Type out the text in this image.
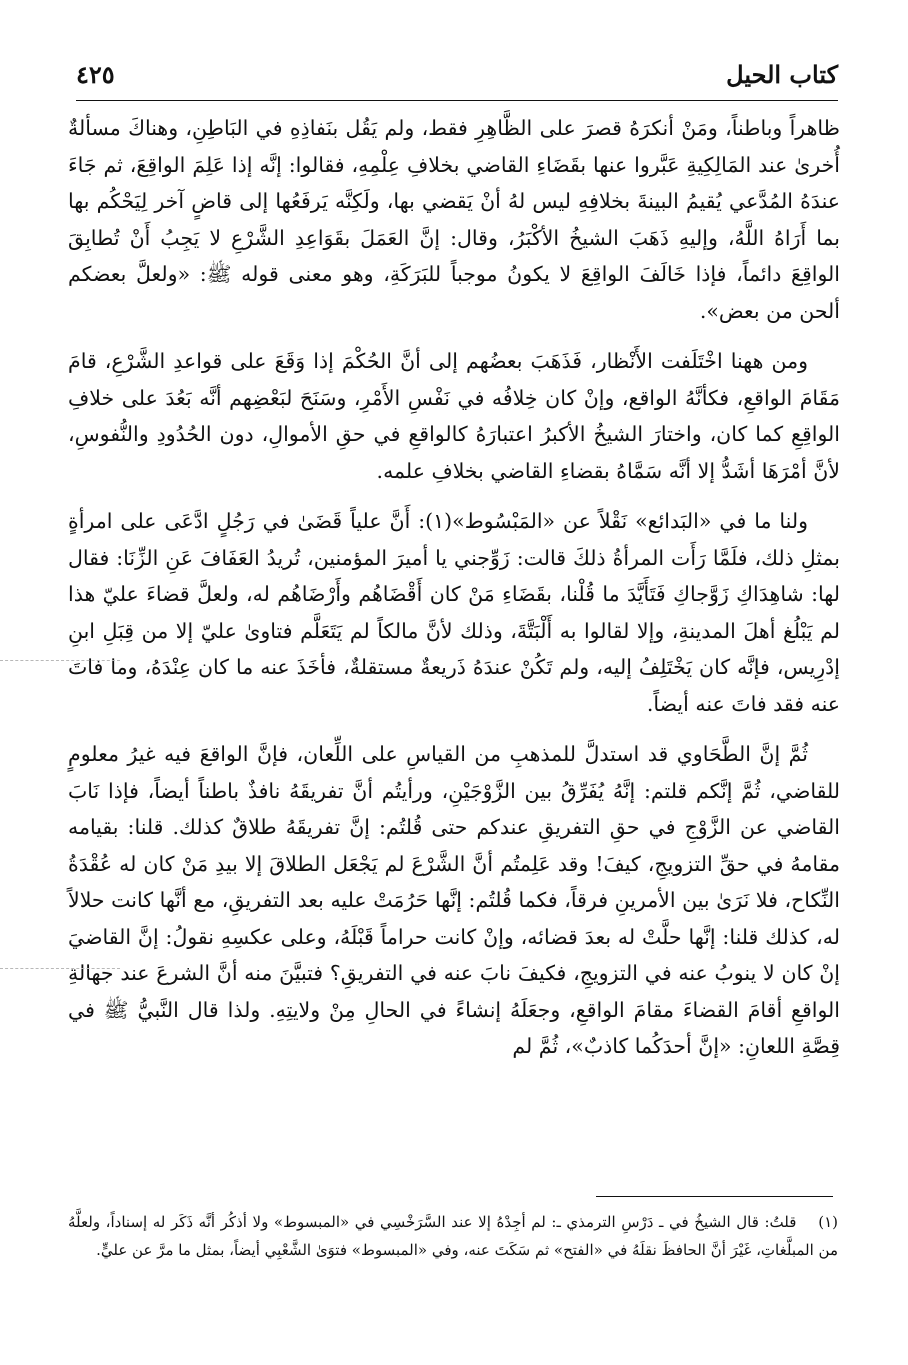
كتاب الحيل
٤٢٥

ظاهراً وباطناً، ومَنْ أنكرَهُ قصرَ على الظَّاهِرِ فقط، ولم يَقُل بنَفاذِهِ في البَاطِنِ، وهناكَ مسألةٌ أُخرىٰ عند المَالِكِيةِ عَبَّروا عنها بقَضَاءِ القاضي بخلافِ عِلْمِهِ، فقالوا: إنَّه إذا عَلِمَ الواقِعَ، ثم جَاءَ عندَهُ المُدَّعي يُقيمُ البينةَ بخلافِهِ ليس لهُ أنْ يَقضي بها، ولَكِنَّه يَرفَعُها إلى قاضٍ آخر لِيَحْكُم بها بما أَرَاهُ اللَّهُ، وإليهِ ذَهَبَ الشيخُ الأكْبَرُ، وقال: إنَّ العَمَلَ بقَوَاعِدِ الشَّرْعِ لا يَجِبُ أَنْ تُطابِقَ الواقِعَ دائماً، فإذا خَالَفَ الواقِعَ لا يكونُ موجباً للبَرَكَةِ، وهو معنى قوله ﷺ: «ولعلَّ بعضكم ألحن من بعض».

ومن ههنا اخْتَلَفت الأَنْظار، فَذَهَبَ بعضُهم إلى أنَّ الحُكْمَ إذا وَقَعَ على قواعدِ الشَّرْعِ، قامَ مَقَامَ الواقعِ، فكأنَّهُ الواقع، وإنْ كان خِلافُه في نَفْسِ الأَمْرِ، وسَنَحَ لبَعْضِهم أنَّه بَعُدَ على خلافِ الواقِعِ كما كان، واختارَ الشيخُ الأكبرُ اعتبارَهُ كالواقعِ في حقِ الأموالِ، دون الحُدُودِ والنُّفوسِ، لأنَّ أمْرَهَا أشَدُّ إلا أنَّه سَمَّاهُ بقضاءِ القاضي بخلافِ علمه.

ولنا ما في «البَدائع» نَقْلاً عن «المَبْسُوط»(١): أَنَّ علياً قَضَىٰ في رَجُلٍ ادَّعَى على امرأةٍ بمثلِ ذلك، فلَمَّا رَأَت المرأةُ ذلكَ قالت: زَوِّجني يا أميرَ المؤمنين، تُريدُ العَفَافَ عَنِ الزِّنَا: فقال لها: شاهِدَاكِ زَوَّجاكِ فَتَأَيَّدَ ما قُلْنا، بقَضَاءِ مَنْ كان أَقْضَاهُم وأَرْضَاهُم له، ولعلَّ قضاءَ عليّ هذا لم يَبْلُغ أهلَ المدينةِ، وإلا لقالوا به أَلْبَتَّةَ، وذلك لأنَّ مالكاً لم يَتَعَلَّم فتاوىٰ عليّ إلا من قِبَلِ ابنِ إدْرِيس، فإنَّه كان يَخْتَلِفُ إليه، ولم تَكُنْ عندَهُ ذَريعةٌ مستقلةٌ، فأخَذَ عنه ما كان عِنْدَهُ، وما فاتَ عنه فقد فاتَ عنه أيضاً.

ثُمَّ إنَّ الطَّحَاوي قد استدلَّ للمذهبِ من القياسِ على اللِّعان، فإنَّ الواقعَ فيه غيرُ معلومٍ للقاضي، ثُمَّ إنَّكم قلتم: إنَّهُ يُفَرِّقُ بين الزَّوْجَيْنِ، ورأيتُم أنَّ تفريقَهُ نافذٌ باطناً أيضاً، فإذا نَابَ القاضي عن الزَّوْجِ في حقِ التفريقِ عندكم حتى قُلتُم: إنَّ تفريقَهُ طلاقٌ كذلك. قلنا: بقيامه مقامهُ في حقِّ التزويجِ، كيفَ! وقد عَلِمتُم أنَّ الشَّرْعَ لم يَجْعَل الطلاقَ إلا بيدِ مَنْ كان له عُقْدَةُ النِّكاح، فلا نَرَىٰ بين الأمرينِ فرقاً، فكما قُلتُم: إنَّها حَرُمَتْ عليه بعد التفريقِ، مع أنَّها كانت حلالاً له، كذلك قلنا: إنَّها حلَّتْ له بعدَ قضائه، وإنْ كانت حراماً قَبْلَهُ، وعلى عكسِهِ نقولُ: إنَّ القاضيَ إنْ كان لا ينوبُ عنه في التزويجِ، فكيفَ نابَ عنه في التفريقِ؟ فتبيَّنَ منه أنَّ الشرعَ عند جهالةِ الواقعِ أقامَ القضاءَ مقامَ الواقعِ، وجعَلَهُ إنشاءً في الحالِ مِنْ ولايتِهِ. ولذا قال النَّبيُّ ﷺ في قِصَّةِ اللعانِ: «إنَّ أحدَكُما كاذبٌ»، ثُمَّ لم

(١) قلتُ: قال الشيخُ في ـ دَرْسِ الترمذي ـ: لم أجِدْهُ إلا عند السَّرَخْسِي في «المبسوط» ولا أذكُر أنَّه ذَكَر له إسناداً، ولعلَّهُ من المبلَّغاتِ، غَيْرَ أنَّ الحافظَ نقلَهُ في «الفتح» ثم سَكَتَ عنه، وفي «المبسوط» فتوَىٰ الشَّعْبِي أيضاً، بمثل ما مرَّ عن عليٍّ.
